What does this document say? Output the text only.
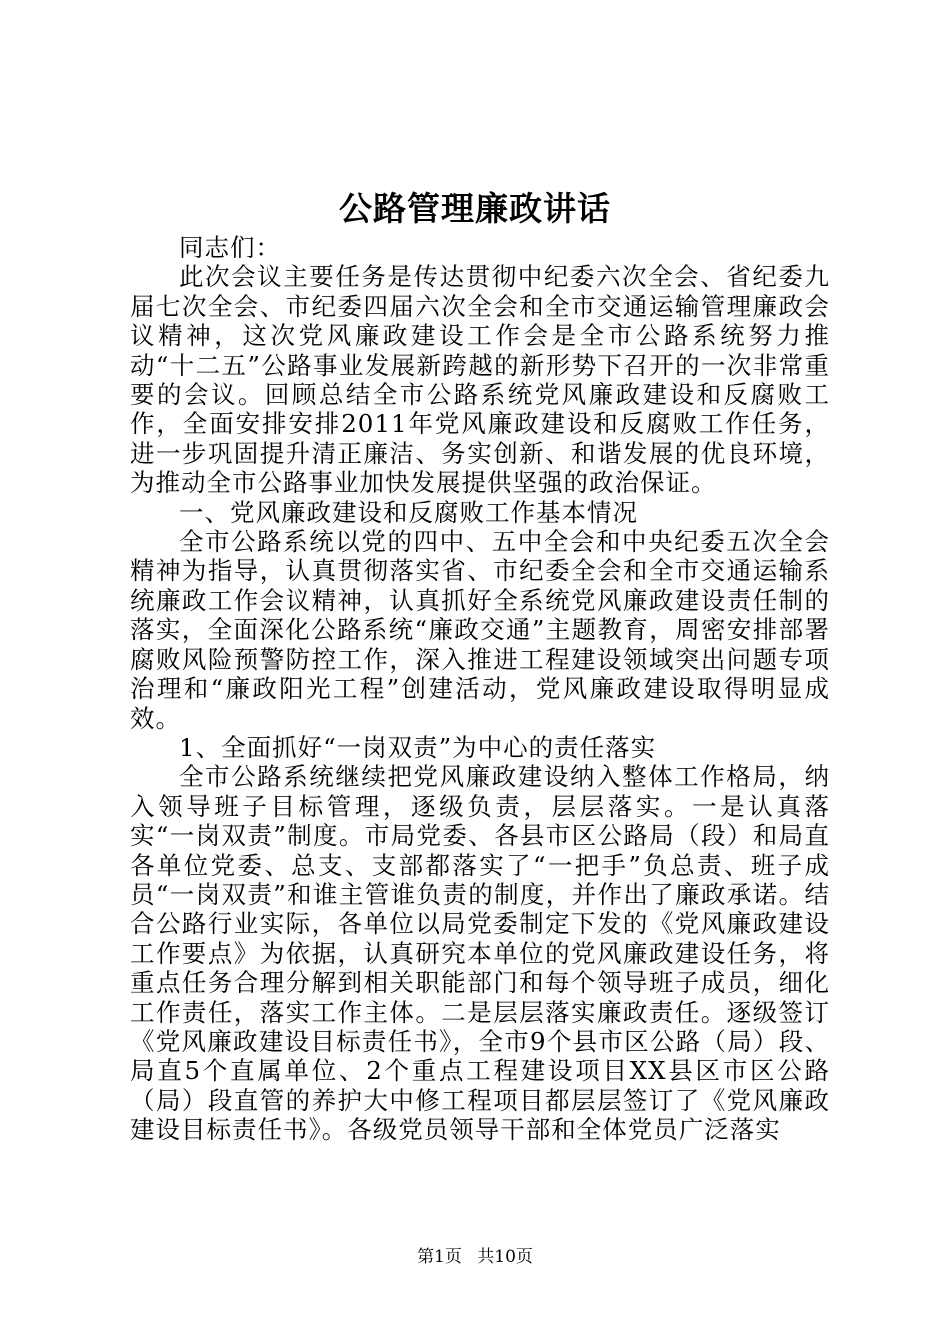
公路管理廉政讲话

同志们：

此次会议主要任务是传达贯彻中纪委六次全会、省纪委九届七次全会、市纪委四届六次全会和全市交通运输管理廉政会议精神，这次党风廉政建设工作会是全市公路系统努力推动“十二五”公路事业发展新跨越的新形势下召开的一次非常重要的会议。回顾总结全市公路系统党风廉政建设和反腐败工作，全面安排安排2011年党风廉政建设和反腐败工作任务，进一步巩固提升清正廉洁、务实创新、和谐发展的优良环境，为推动全市公路事业加快发展提供坚强的政治保证。

一、党风廉政建设和反腐败工作基本情况

全市公路系统以党的四中、五中全会和中央纪委五次全会精神为指导，认真贯彻落实省、市纪委全会和全市交通运输系统廉政工作会议精神，认真抓好全系统党风廉政建设责任制的落实，全面深化公路系统“廉政交通”主题教育，周密安排部署腐败风险预警防控工作，深入推进工程建设领域突出问题专项治理和“廉政阳光工程”创建活动，党风廉政建设取得明显成效。

1、全面抓好“一岗双责”为中心的责任落实

全市公路系统继续把党风廉政建设纳入整体工作格局，纳入领导班子目标管理，逐级负责，层层落实。一是认真落实“一岗双责”制度。市局党委、各县市区公路局（段）和局直各单位党委、总支、支部都落实了“一把手”负总责、班子成员“一岗双责”和谁主管谁负责的制度，并作出了廉政承诺。结合公路行业实际，各单位以局党委制定下发的《党风廉政建设工作要点》为依据，认真研究本单位的党风廉政建设任务，将重点任务合理分解到相关职能部门和每个领导班子成员，细化工作责任，落实工作主体。二是层层落实廉政责任。逐级签订《党风廉政建设目标责任书》，全市9个县市区公路（局）段、局直5个直属单位、2个重点工程建设项目XX县区市区公路（局）段直管的养护大中修工程项目都层层签订了《党风廉政建设目标责任书》。各级党员领导干部和全体党员广泛落实

第1页 共10页
